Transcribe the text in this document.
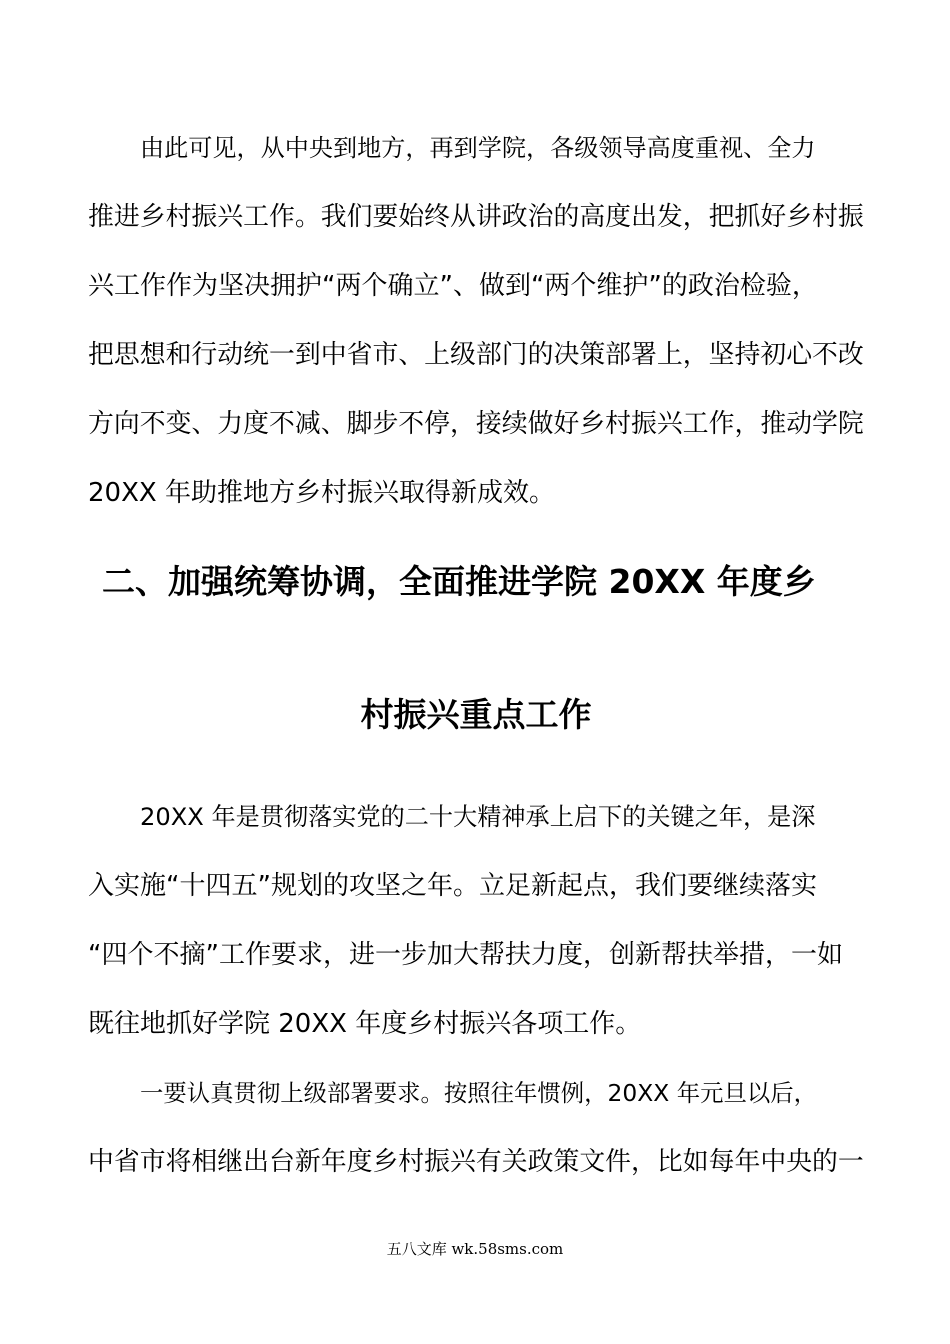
由此可见，从中央到地方，再到学院，各级领导高度重视、全力
推进乡村振兴工作。我们要始终从讲政治的高度出发，把抓好乡村振
兴工作作为坚决拥护“两个确立”、做到“两个维护”的政治检验，
把思想和行动统一到中省市、上级部门的决策部署上，坚持初心不改
方向不变、力度不减、脚步不停，接续做好乡村振兴工作，推动学院
20XX 年助推地方乡村振兴取得新成效。
二、加强统筹协调，全面推进学院 20XX 年度乡
村振兴重点工作
20XX 年是贯彻落实党的二十大精神承上启下的关键之年，是深
入实施“十四五”规划的攻坚之年。立足新起点，我们要继续落实
“四个不摘”工作要求，进一步加大帮扶力度，创新帮扶举措，一如
既往地抓好学院 20XX 年度乡村振兴各项工作。
一要认真贯彻上级部署要求。按照往年惯例，20XX 年元旦以后，
中省市将相继出台新年度乡村振兴有关政策文件，比如每年中央的一
五八文库 wk.58sms.com
